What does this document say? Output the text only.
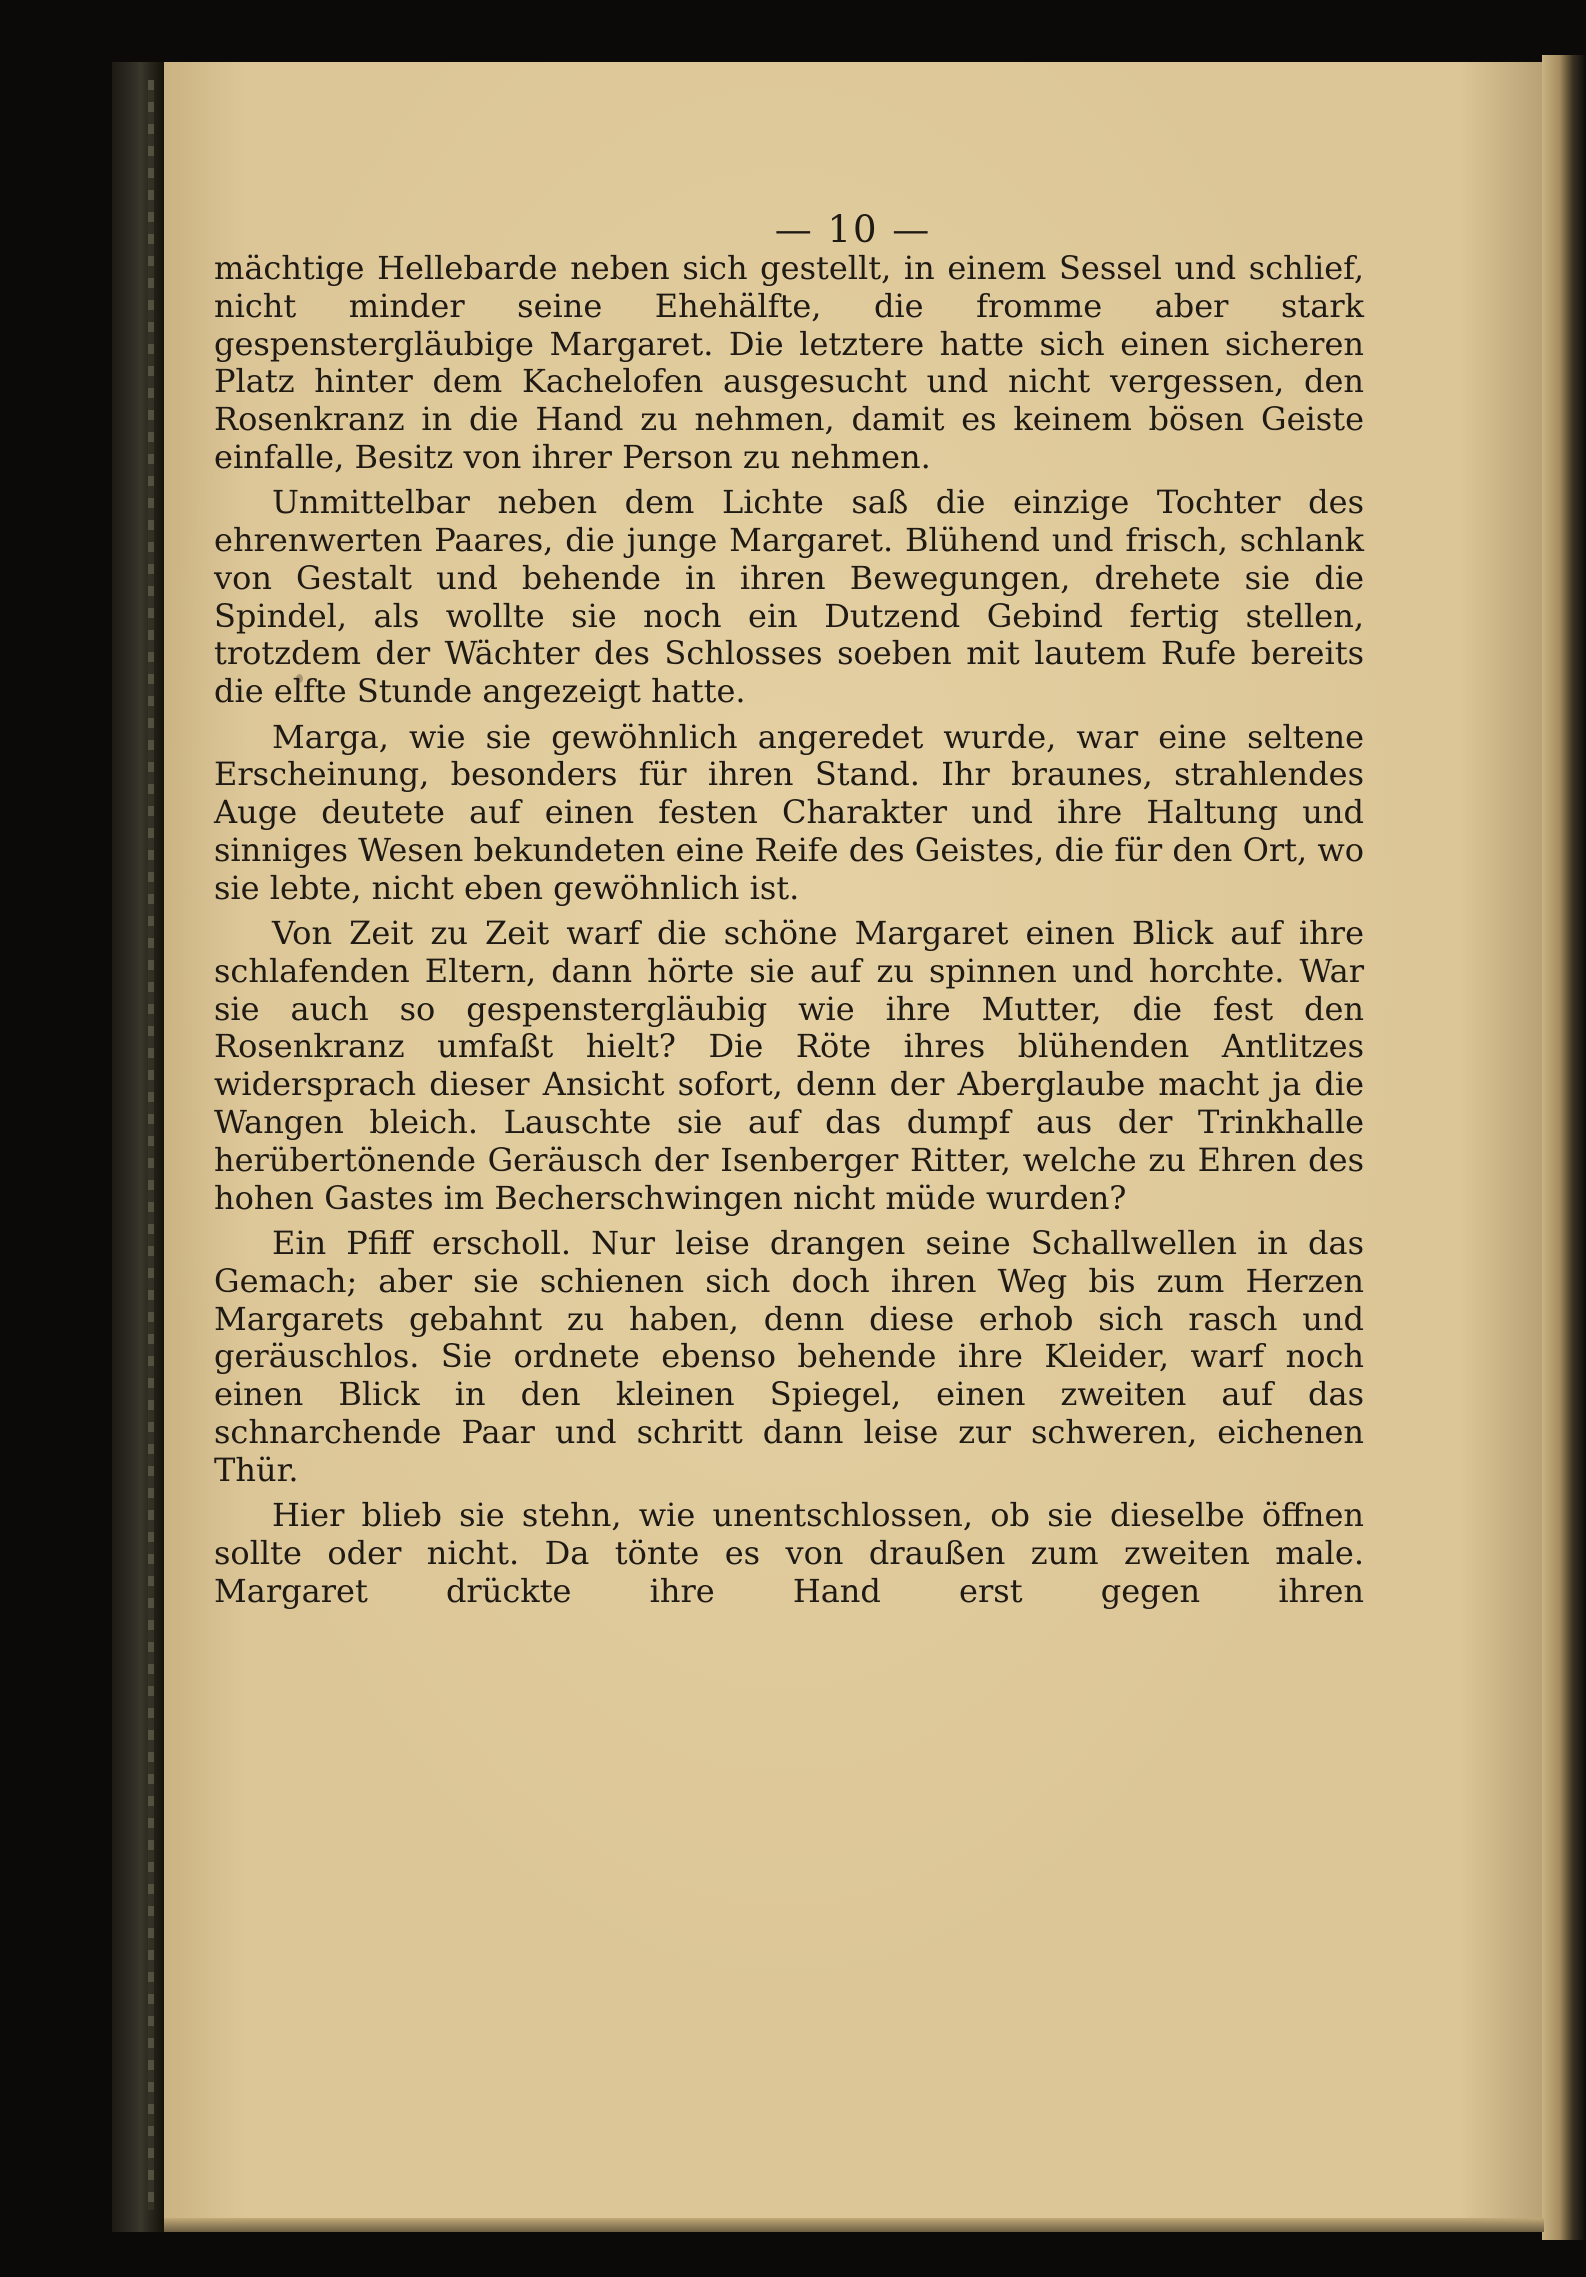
— 10 —

mächtige Hellebarde neben sich gestellt, in einem Sessel und schlief, nicht minder seine Ehehälfte, die fromme aber stark gespenstergläubige Margaret. Die letztere hatte sich einen sicheren Platz hinter dem Kachelofen ausgesucht und nicht vergessen, den Rosenkranz in die Hand zu nehmen, damit es keinem bösen Geiste einfalle, Besitz von ihrer Person zu nehmen.

Unmittelbar neben dem Lichte saß die einzige Tochter des ehrenwerten Paares, die junge Margaret. Blühend und frisch, schlank von Gestalt und behende in ihren Bewegungen, drehete sie die Spindel, als wollte sie noch ein Dutzend Gebind fertig stellen, trotzdem der Wächter des Schlosses soeben mit lautem Rufe bereits die elfte Stunde angezeigt hatte.

Marga, wie sie gewöhnlich angeredet wurde, war eine seltene Erscheinung, besonders für ihren Stand. Ihr braunes, strahlendes Auge deutete auf einen festen Charakter und ihre Haltung und sinniges Wesen bekundeten eine Reife des Geistes, die für den Ort, wo sie lebte, nicht eben gewöhnlich ist.

Von Zeit zu Zeit warf die schöne Margaret einen Blick auf ihre schlafenden Eltern, dann hörte sie auf zu spinnen und horchte. War sie auch so gespenstergläubig wie ihre Mutter, die fest den Rosenkranz umfaßt hielt? Die Röte ihres blühenden Antlitzes widersprach dieser Ansicht sofort, denn der Aberglaube macht ja die Wangen bleich. Lauschte sie auf das dumpf aus der Trinkhalle herübertönende Geräusch der Isenberger Ritter, welche zu Ehren des hohen Gastes im Becherschwingen nicht müde wurden?

Ein Pfiff erscholl. Nur leise drangen seine Schallwellen in das Gemach; aber sie schienen sich doch ihren Weg bis zum Herzen Margarets gebahnt zu haben, denn diese erhob sich rasch und geräuschlos. Sie ordnete ebenso behende ihre Kleider, warf noch einen Blick in den kleinen Spiegel, einen zweiten auf das schnarchende Paar und schritt dann leise zur schweren, eichenen Thür.

Hier blieb sie stehn, wie unentschlossen, ob sie dieselbe öffnen sollte oder nicht. Da tönte es von draußen zum zweiten male. Margaret drückte ihre Hand erst gegen ihren
